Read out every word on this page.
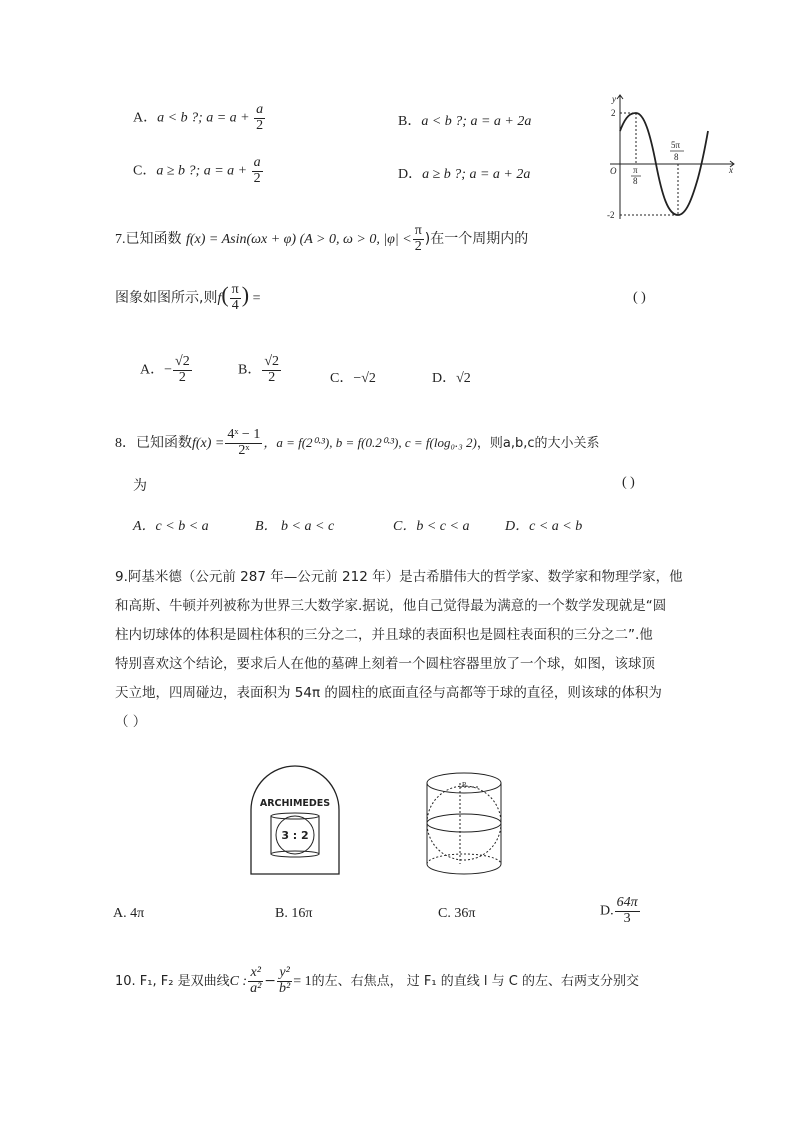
A．a < b ?; $a = a + \frac{a}{2}$	B．a < b ?; a = a + 2a
C．a ≥ b ?; $a = a + \frac{a}{2}$	D．a ≥ b ?; a = a + 2a
y
x
O
2
-2
π
8
5π
8
7.已知函数 f(x) = Asin(ωx + φ) (A > 0, ω > 0, $|\varphi| < \frac{\pi}{2}$ )在一个周期内的
图象如图所示,则$f( \frac{\pi}{4}$ ) =	( )
A．− $\frac{√2}{2}$	B． $\frac{√2}{2}$	C．−√2	D．√2
8．已知函数$f(x) = \frac{\text{4ˣ − 1}}{\text{2ˣ}}$ ，a = f(2⁰·³), b = f(0.2⁰·³), c = f(log₀.₃ 2)，则a,b,c的大小关系
为	( )
A．c < b < a	B． b < a < c	C．b < c < a	D．c < a < b
9.阿基米德（公元前 287 年—公元前 212 年）是古希腊伟大的哲学家、数学家和物理学家，他
和高斯、牛顿并列被称为世界三大数学家.据说，他自己觉得最为满意的一个数学发现就是“圆
柱内切球体的体积是圆柱体积的三分之二，并且球的表面积也是圆柱表面积的三分之二”.他
特别喜欢这个结论，要求后人在他的墓碑上刻着一个圆柱容器里放了一个球，如图，该球顶
天立地，四周碰边，表面积为 54π 的圆柱的底面直径与高都等于球的直径，则该球的体积为
（ ）
ARCHIMEDES
3 : 2
R
A. 4π	B. 16π	C. 36π	D. $\frac{64\pi}{3}$
10. F₁, F₂ 是双曲线C : $\frac{\text{x²}}{\text{a²}} - \frac{\text{y²}}{\text{b²}} = 1$的左、右焦点， 过 F₁ 的直线 l 与 C 的左、右两支分别交
